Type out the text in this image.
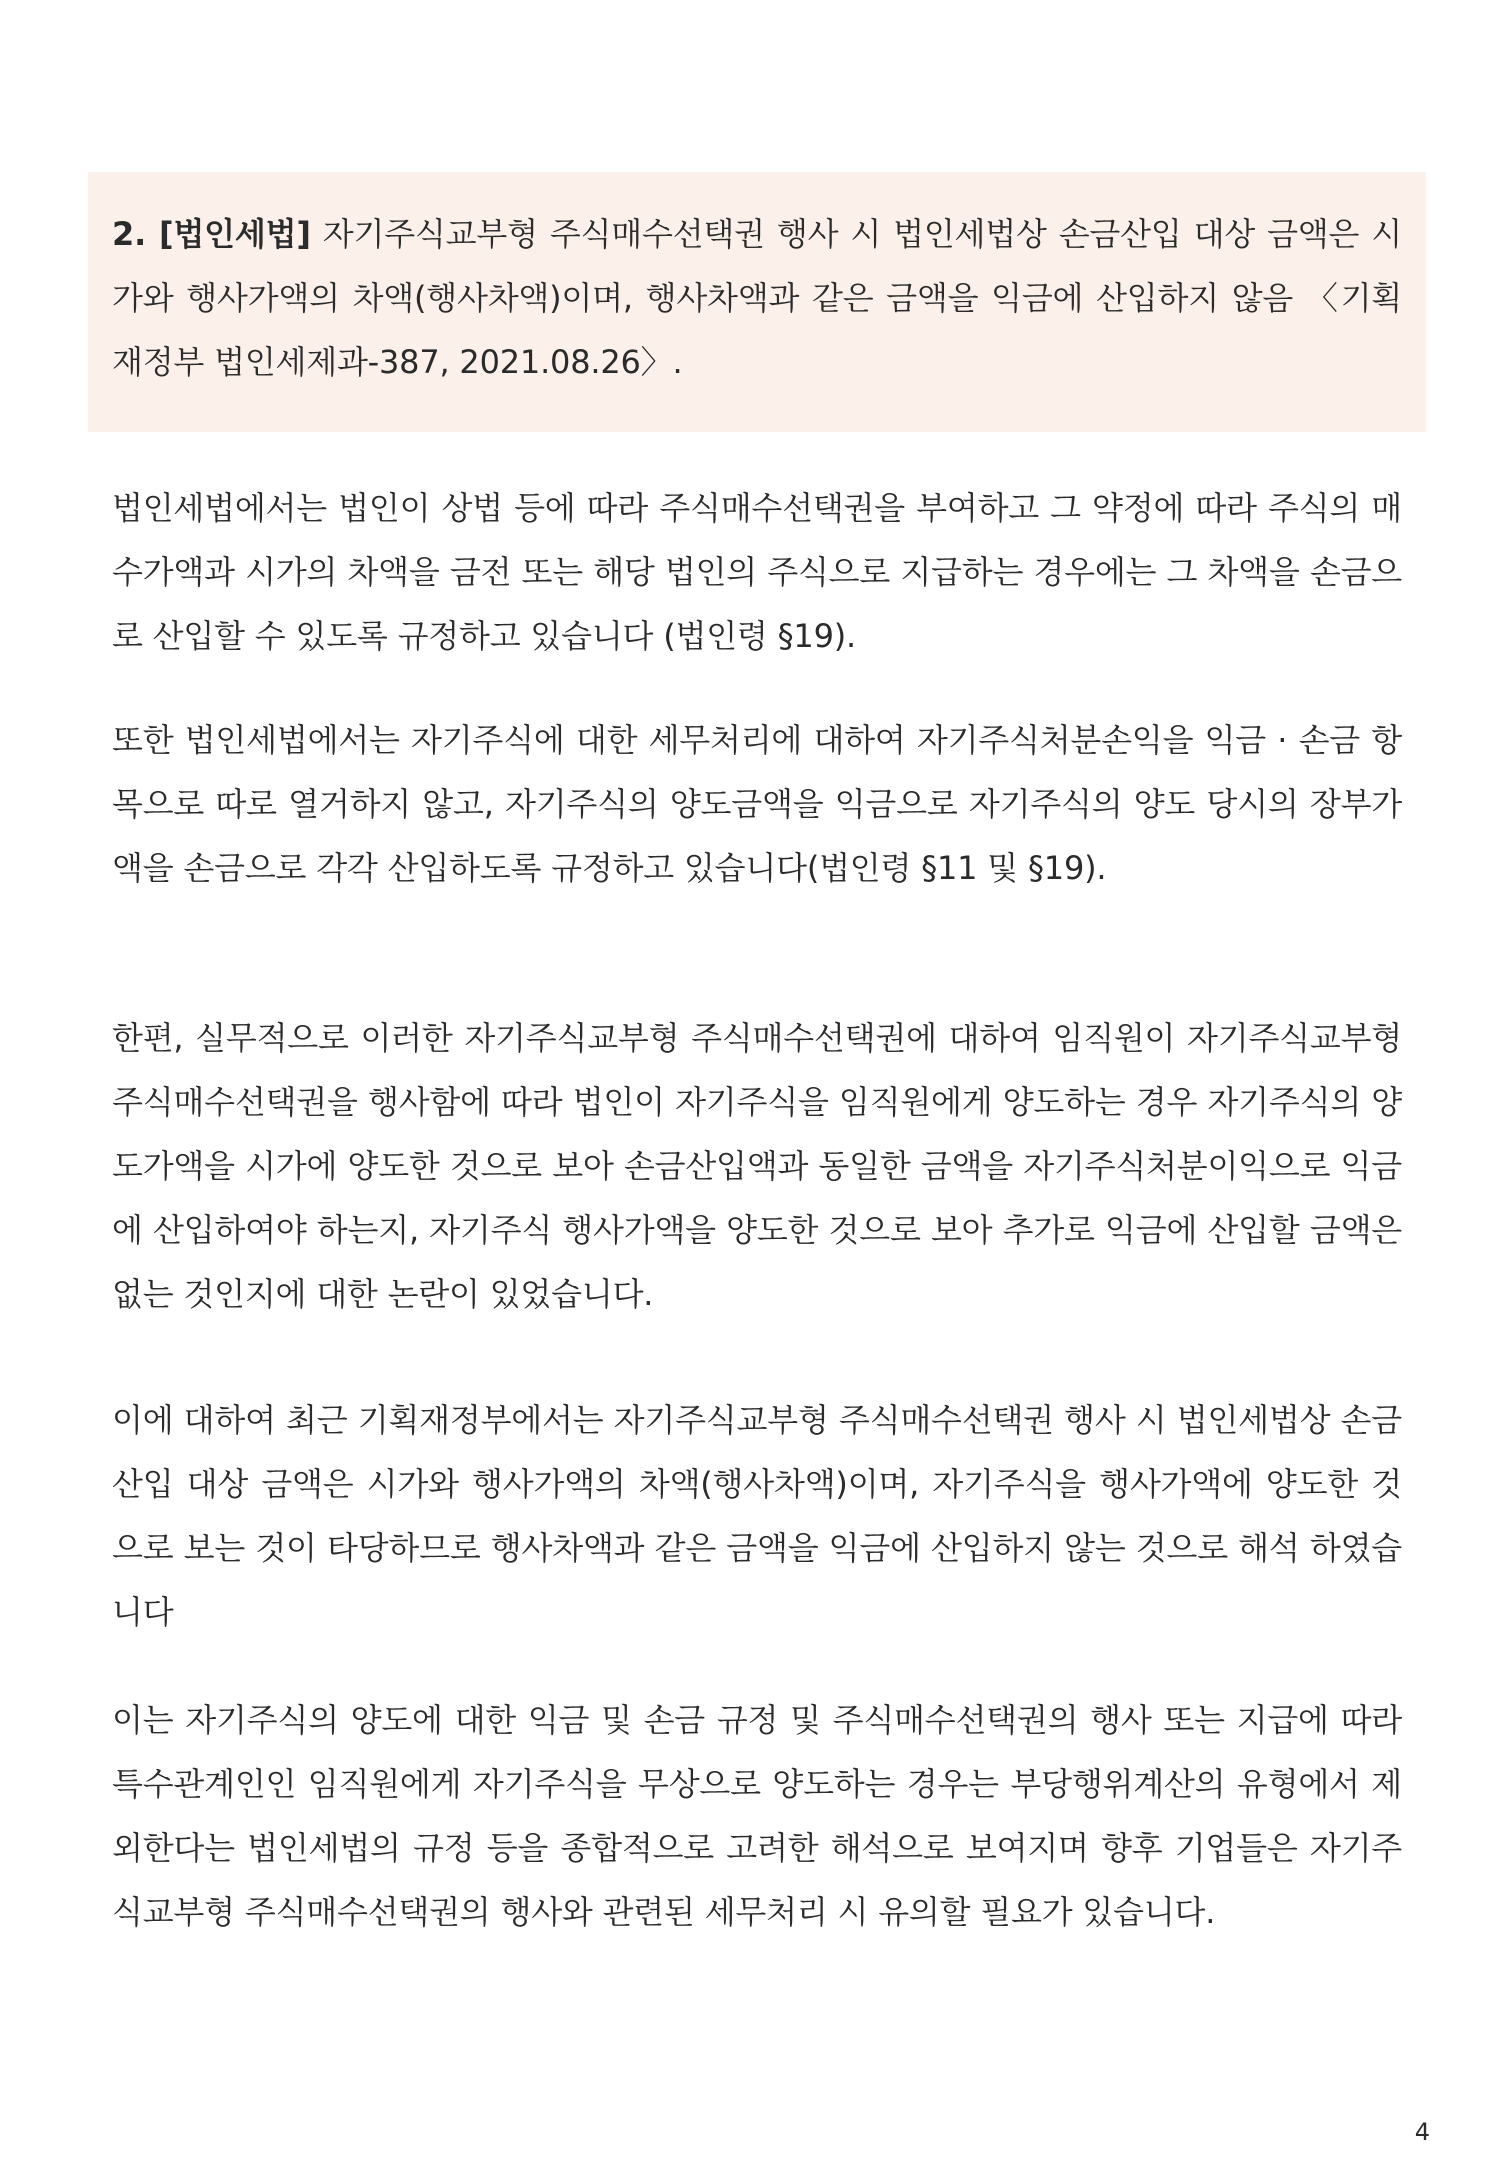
2. [법인세법] 자기주식교부형 주식매수선택권 행사 시 법인세법상 손금산입 대상 금액은 시가와 행사가액의 차액(행사차액)이며, 행사차액과 같은 금액을 익금에 산입하지 않음 〈기획재정부 법인세제과-387, 2021.08.26〉.

법인세법에서는 법인이 상법 등에 따라 주식매수선택권을 부여하고 그 약정에 따라 주식의 매수가액과 시가의 차액을 금전 또는 해당 법인의 주식으로 지급하는 경우에는 그 차액을 손금으로 산입할 수 있도록 규정하고 있습니다 (법인령 §19).

또한 법인세법에서는 자기주식에 대한 세무처리에 대하여 자기주식처분손익을 익금 · 손금 항목으로 따로 열거하지 않고, 자기주식의 양도금액을 익금으로 자기주식의 양도 당시의 장부가액을 손금으로 각각 산입하도록 규정하고 있습니다(법인령 §11 및 §19).

한편, 실무적으로 이러한 자기주식교부형 주식매수선택권에 대하여 임직원이 자기주식교부형 주식매수선택권을 행사함에 따라 법인이 자기주식을 임직원에게 양도하는 경우 자기주식의 양도가액을 시가에 양도한 것으로 보아 손금산입액과 동일한 금액을 자기주식처분이익으로 익금에 산입하여야 하는지, 자기주식 행사가액을 양도한 것으로 보아 추가로 익금에 산입할 금액은 없는 것인지에 대한 논란이 있었습니다.

이에 대하여 최근 기획재정부에서는 자기주식교부형 주식매수선택권 행사 시 법인세법상 손금산입 대상 금액은 시가와 행사가액의 차액(행사차액)이며, 자기주식을 행사가액에 양도한 것으로 보는 것이 타당하므로 행사차액과 같은 금액을 익금에 산입하지 않는 것으로 해석 하였습니다

이는 자기주식의 양도에 대한 익금 및 손금 규정 및 주식매수선택권의 행사 또는 지급에 따라 특수관계인인 임직원에게 자기주식을 무상으로 양도하는 경우는 부당행위계산의 유형에서 제외한다는 법인세법의 규정 등을 종합적으로 고려한 해석으로 보여지며 향후 기업들은 자기주식교부형 주식매수선택권의 행사와 관련된 세무처리 시 유의할 필요가 있습니다.

4
